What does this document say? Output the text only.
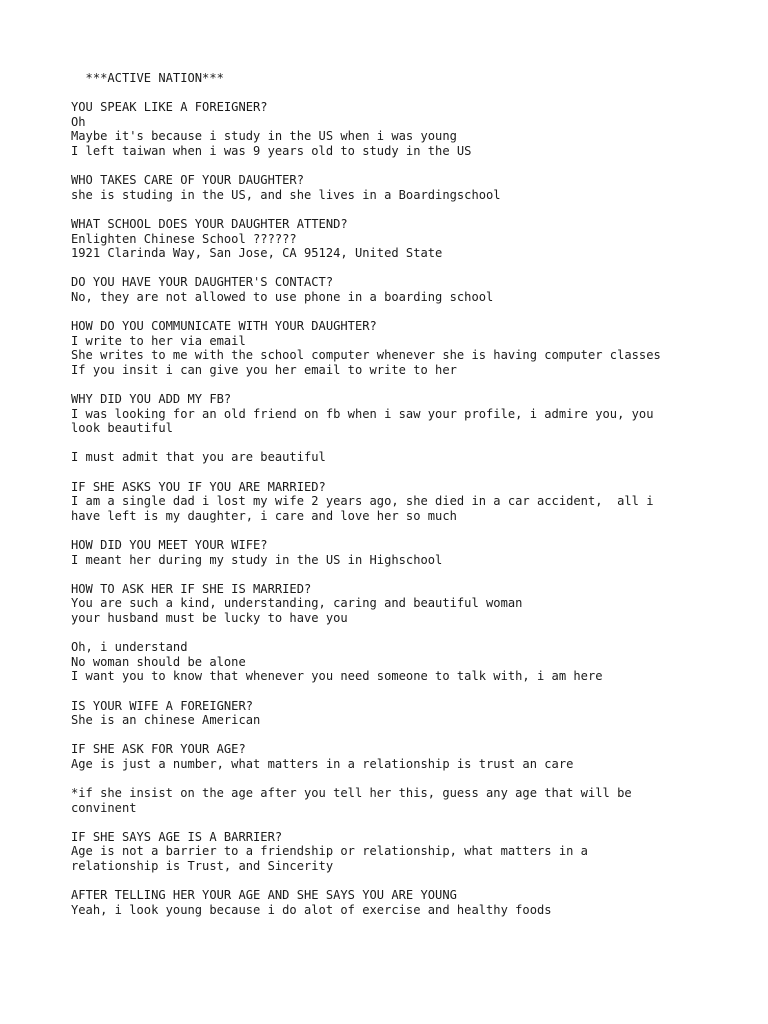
***ACTIVE NATION***
YOU SPEAK LIKE A FOREIGNER?
Oh
Maybe it's because i study in the US when i was young
I left taiwan when i was 9 years old to study in the US
WHO TAKES CARE OF YOUR DAUGHTER?
she is studing in the US, and she lives in a Boardingschool
WHAT SCHOOL DOES YOUR DAUGHTER ATTEND?
Enlighten Chinese School ??????
1921 Clarinda Way, San Jose, CA 95124, United State
DO YOU HAVE YOUR DAUGHTER'S CONTACT?
No, they are not allowed to use phone in a boarding school
HOW DO YOU COMMUNICATE WITH YOUR DAUGHTER?
I write to her via email
She writes to me with the school computer whenever she is having computer classes
If you insit i can give you her email to write to her
WHY DID YOU ADD MY FB?
I was looking for an old friend on fb when i saw your profile, i admire you, you
look beautiful
I must admit that you are beautiful
IF SHE ASKS YOU IF YOU ARE MARRIED?
I am a single dad i lost my wife 2 years ago, she died in a car accident,  all i
have left is my daughter, i care and love her so much
HOW DID YOU MEET YOUR WIFE?
I meant her during my study in the US in Highschool
HOW TO ASK HER IF SHE IS MARRIED?
You are such a kind, understanding, caring and beautiful woman
your husband must be lucky to have you
Oh, i understand
No woman should be alone
I want you to know that whenever you need someone to talk with, i am here
IS YOUR WIFE A FOREIGNER?
She is an chinese American
IF SHE ASK FOR YOUR AGE?
Age is just a number, what matters in a relationship is trust an care
*if she insist on the age after you tell her this, guess any age that will be
convinent
IF SHE SAYS AGE IS A BARRIER?
Age is not a barrier to a friendship or relationship, what matters in a
relationship is Trust, and Sincerity
AFTER TELLING HER YOUR AGE AND SHE SAYS YOU ARE YOUNG
Yeah, i look young because i do alot of exercise and healthy foods
